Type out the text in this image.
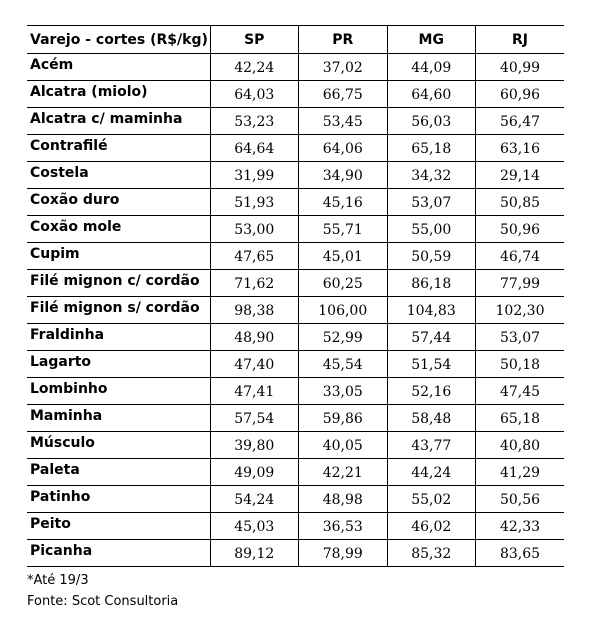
Varejo - cortes (R$/kg)	SP	PR	MG	RJ
Acém	42,24	37,02	44,09	40,99
Alcatra (miolo)	64,03	66,75	64,60	60,96
Alcatra c/ maminha	53,23	53,45	56,03	56,47
Contrafilé	64,64	64,06	65,18	63,16
Costela	31,99	34,90	34,32	29,14
Coxão duro	51,93	45,16	53,07	50,85
Coxão mole	53,00	55,71	55,00	50,96
Cupim	47,65	45,01	50,59	46,74
Filé mignon c/ cordão	71,62	60,25	86,18	77,99
Filé mignon s/ cordão	98,38	106,00	104,83	102,30
Fraldinha	48,90	52,99	57,44	53,07
Lagarto	47,40	45,54	51,54	50,18
Lombinho	47,41	33,05	52,16	47,45
Maminha	57,54	59,86	58,48	65,18
Músculo	39,80	40,05	43,77	40,80
Paleta	49,09	42,21	44,24	41,29
Patinho	54,24	48,98	55,02	50,56
Peito	45,03	36,53	46,02	42,33
Picanha	89,12	78,99	85,32	83,65
*Até 19/3
Fonte: Scot Consultoria
